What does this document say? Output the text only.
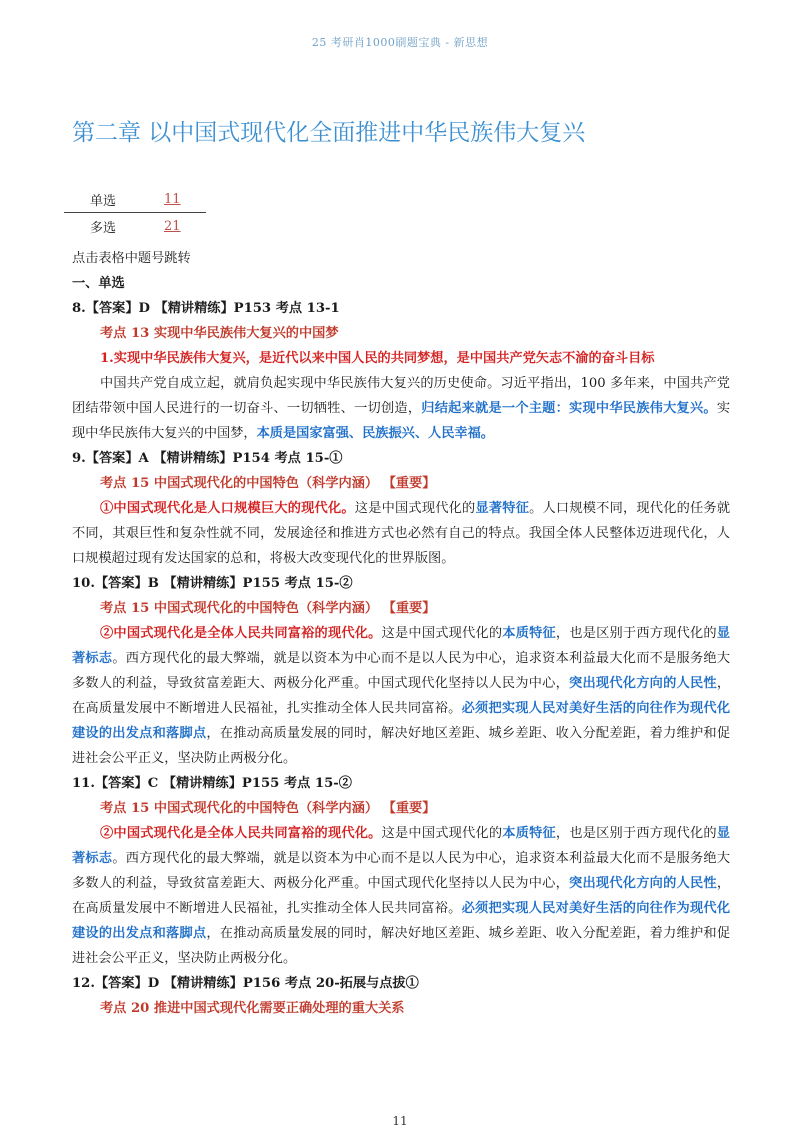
25 考研肖1000刷题宝典 - 新思想
第二章 以中国式现代化全面推进中华民族伟大复兴
单选	11
多选	21

点击表格中题号跳转

一、单选

8.【答案】D 【精讲精练】P153 考点 13-1

考点 13 实现中华民族伟大复兴的中国梦

1.实现中华民族伟大复兴，是近代以来中国人民的共同梦想，是中国共产党矢志不渝的奋斗目标

中国共产党自成立起，就肩负起实现中华民族伟大复兴的历史使命。习近平指出，100 多年来，中国共产党团结带领中国人民进行的一切奋斗、一切牺牲、一切创造，归结起来就是一个主题：实现中华民族伟大复兴。实现中华民族伟大复兴的中国梦，本质是国家富强、民族振兴、人民幸福。

9.【答案】A 【精讲精练】P154 考点 15-①

考点 15 中国式现代化的中国特色（科学内涵） 【重要】

①中国式现代化是人口规模巨大的现代化。这是中国式现代化的显著特征。人口规模不同，现代化的任务就不同，其艰巨性和复杂性就不同，发展途径和推进方式也必然有自己的特点。我国全体人民整体迈进现代化，人口规模超过现有发达国家的总和，将极大改变现代化的世界版图。

10.【答案】B 【精讲精练】P155 考点 15-②

考点 15 中国式现代化的中国特色（科学内涵） 【重要】

②中国式现代化是全体人民共同富裕的现代化。这是中国式现代化的本质特征，也是区别于西方现代化的显著标志。西方现代化的最大弊端，就是以资本为中心而不是以人民为中心，追求资本利益最大化而不是服务绝大多数人的利益，导致贫富差距大、两极分化严重。中国式现代化坚持以人民为中心，突出现代化方向的人民性，在高质量发展中不断增进人民福祉，扎实推动全体人民共同富裕。必须把实现人民对美好生活的向往作为现代化建设的出发点和落脚点，在推动高质量发展的同时，解决好地区差距、城乡差距、收入分配差距，着力维护和促进社会公平正义，坚决防止两极分化。

11.【答案】C 【精讲精练】P155 考点 15-②

考点 15 中国式现代化的中国特色（科学内涵） 【重要】

②中国式现代化是全体人民共同富裕的现代化。这是中国式现代化的本质特征，也是区别于西方现代化的显著标志。西方现代化的最大弊端，就是以资本为中心而不是以人民为中心，追求资本利益最大化而不是服务绝大多数人的利益，导致贫富差距大、两极分化严重。中国式现代化坚持以人民为中心，突出现代化方向的人民性，在高质量发展中不断增进人民福祉，扎实推动全体人民共同富裕。必须把实现人民对美好生活的向往作为现代化建设的出发点和落脚点，在推动高质量发展的同时，解决好地区差距、城乡差距、收入分配差距，着力维护和促进社会公平正义，坚决防止两极分化。

12.【答案】D 【精讲精练】P156 考点 20-拓展与点拔①

考点 20 推进中国式现代化需要正确处理的重大关系

11
